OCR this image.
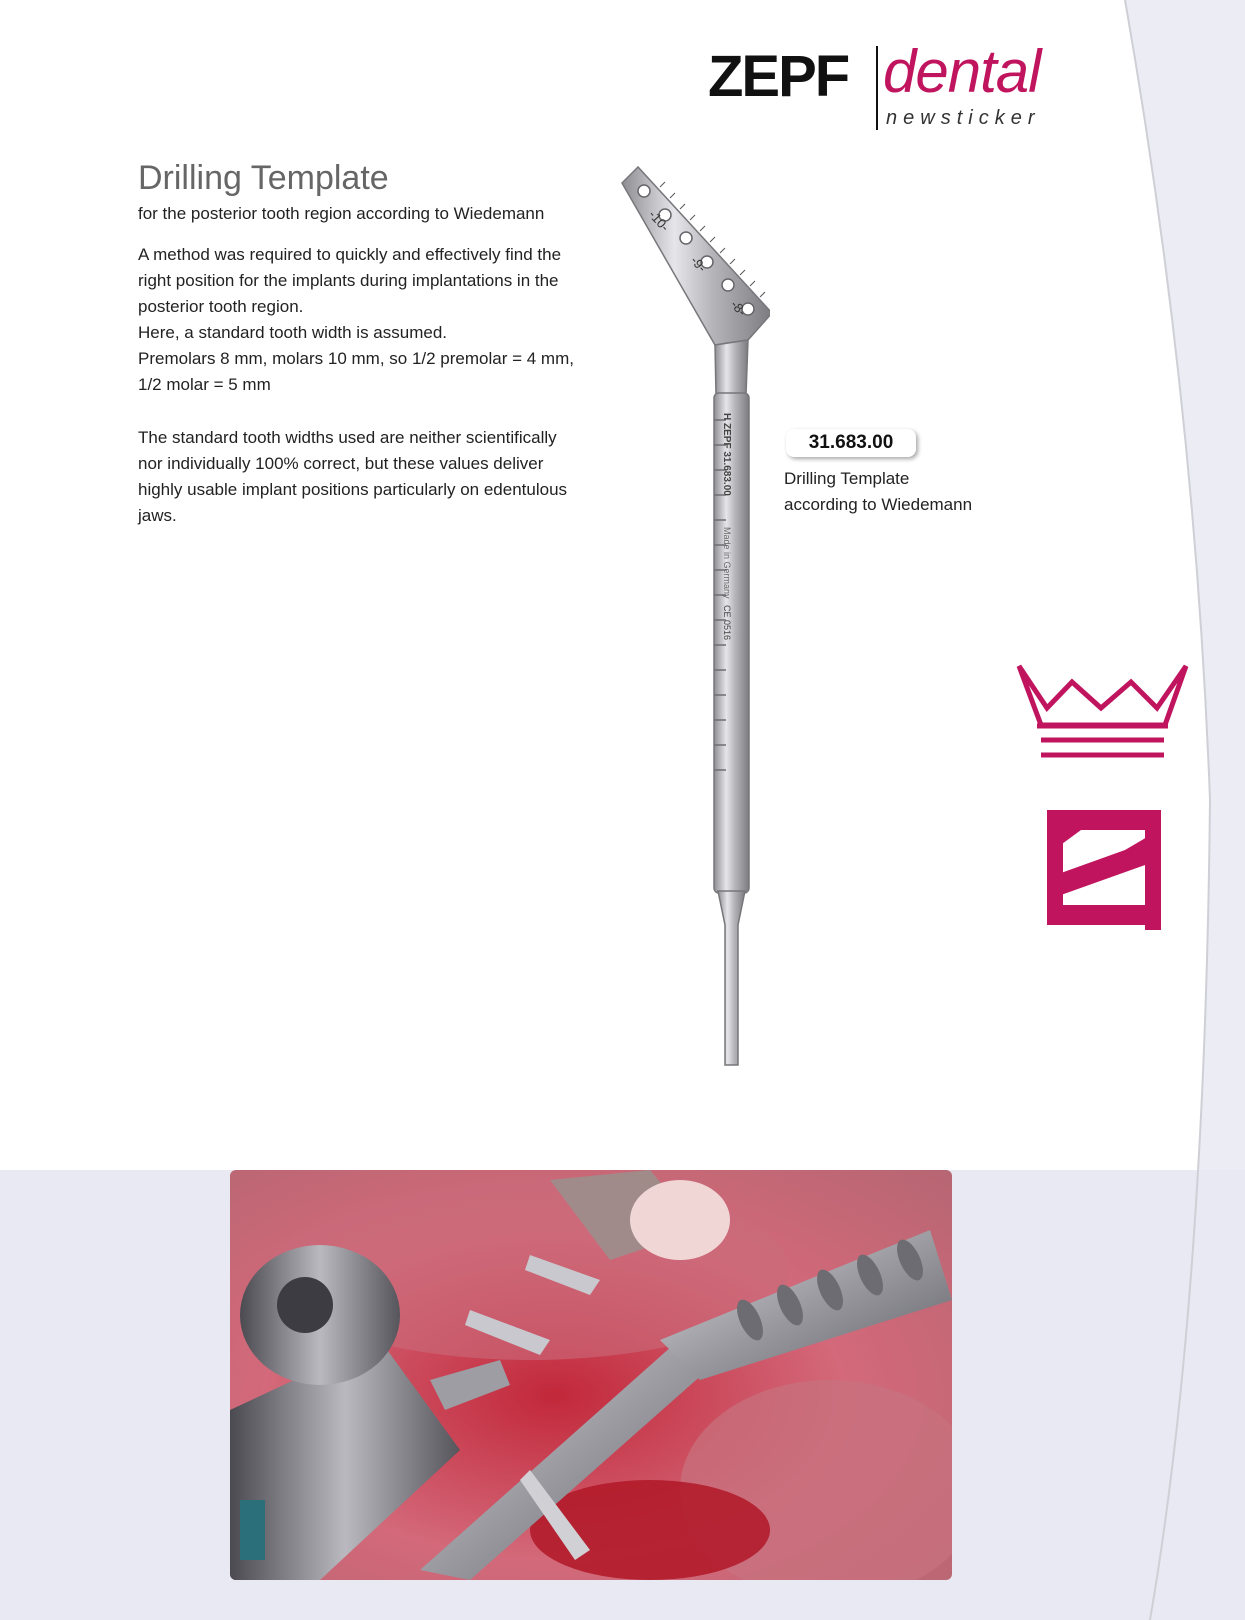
ZEPF dental
newsticker
Drilling Template
for the posterior tooth region according to Wiedemann
A method was required to quickly and effectively find the
right position for the implants during implantations in the
posterior tooth region.
Here, a standard tooth width is assumed.
Premolars 8 mm, molars 10 mm, so 1/2 premolar = 4 mm,
1/2 molar = 5 mm
The standard tooth widths used are neither scientifically
nor individually 100% correct, but these values deliver
highly usable implant positions particularly on edentulous
jaws.
-10-
-9-
-8-
H ZEPF 31.683.00
Made in Germany
CE 0516
31.683.00
Drilling Template
according to Wiedemann
